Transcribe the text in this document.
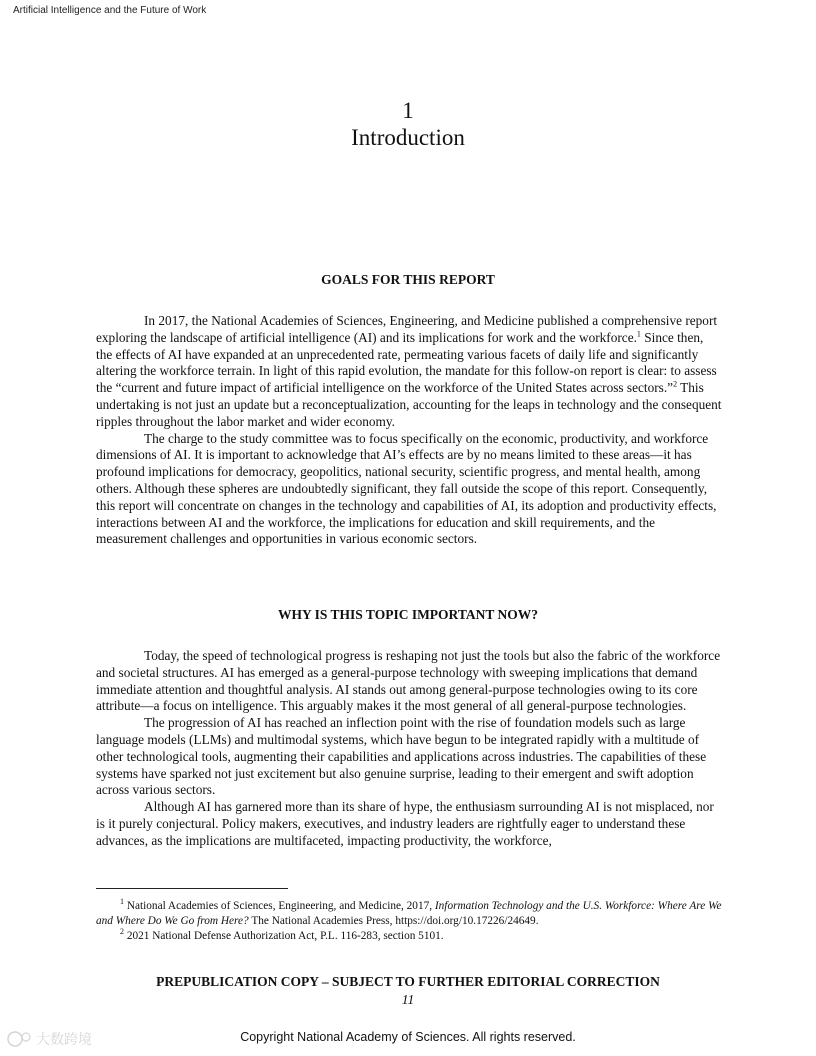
Artificial Intelligence and the Future of Work
1
Introduction
GOALS FOR THIS REPORT

In 2017, the National Academies of Sciences, Engineering, and Medicine published a comprehensive report exploring the landscape of artificial intelligence (AI) and its implications for work and the workforce.$^1$ Since then, the effects of AI have expanded at an unprecedented rate, permeating various facets of daily life and significantly altering the workforce terrain. In light of this rapid evolution, the mandate for this follow-on report is clear: to assess the “current and future impact of artificial intelligence on the workforce of the United States across sectors.”$^2$ This undertaking is not just an update but a reconceptualization, accounting for the leaps in technology and the consequent ripples throughout the labor market and wider economy.

The charge to the study committee was to focus specifically on the economic, productivity, and workforce dimensions of AI. It is important to acknowledge that AI’s effects are by no means limited to these areas—it has profound implications for democracy, geopolitics, national security, scientific progress, and mental health, among others. Although these spheres are undoubtedly significant, they fall outside the scope of this report. Consequently, this report will concentrate on changes in the technology and capabilities of AI, its adoption and productivity effects, interactions between AI and the workforce, the implications for education and skill requirements, and the measurement challenges and opportunities in various economic sectors.

WHY IS THIS TOPIC IMPORTANT NOW?

Today, the speed of technological progress is reshaping not just the tools but also the fabric of the workforce and societal structures. AI has emerged as a general-purpose technology with sweeping implications that demand immediate attention and thoughtful analysis. AI stands out among general-purpose technologies owing to its core attribute—a focus on intelligence. This arguably makes it the most general of all general-purpose technologies.

The progression of AI has reached an inflection point with the rise of foundation models such as large language models (LLMs) and multimodal systems, which have begun to be integrated rapidly with a multitude of other technological tools, augmenting their capabilities and applications across industries. The capabilities of these systems have sparked not just excitement but also genuine surprise, leading to their emergent and swift adoption across various sectors.

Although AI has garnered more than its share of hype, the enthusiasm surrounding AI is not misplaced, nor is it purely conjectural. Policy makers, executives, and industry leaders are rightfully eager to understand these advances, as the implications are multifaceted, impacting productivity, the workforce,

$^1$ National Academies of Sciences, Engineering, and Medicine, 2017, Information Technology and the U.S. Workforce: Where Are We and Where Do We Go from Here? The National Academies Press, https://doi.org/10.17226/24649.

$^2$ 2021 National Defense Authorization Act, P.L. 116-283, section 5101.

PREPUBLICATION COPY – SUBJECT TO FURTHER EDITORIAL CORRECTION
11
Copyright National Academy of Sciences. All rights reserved.
大数跨境
